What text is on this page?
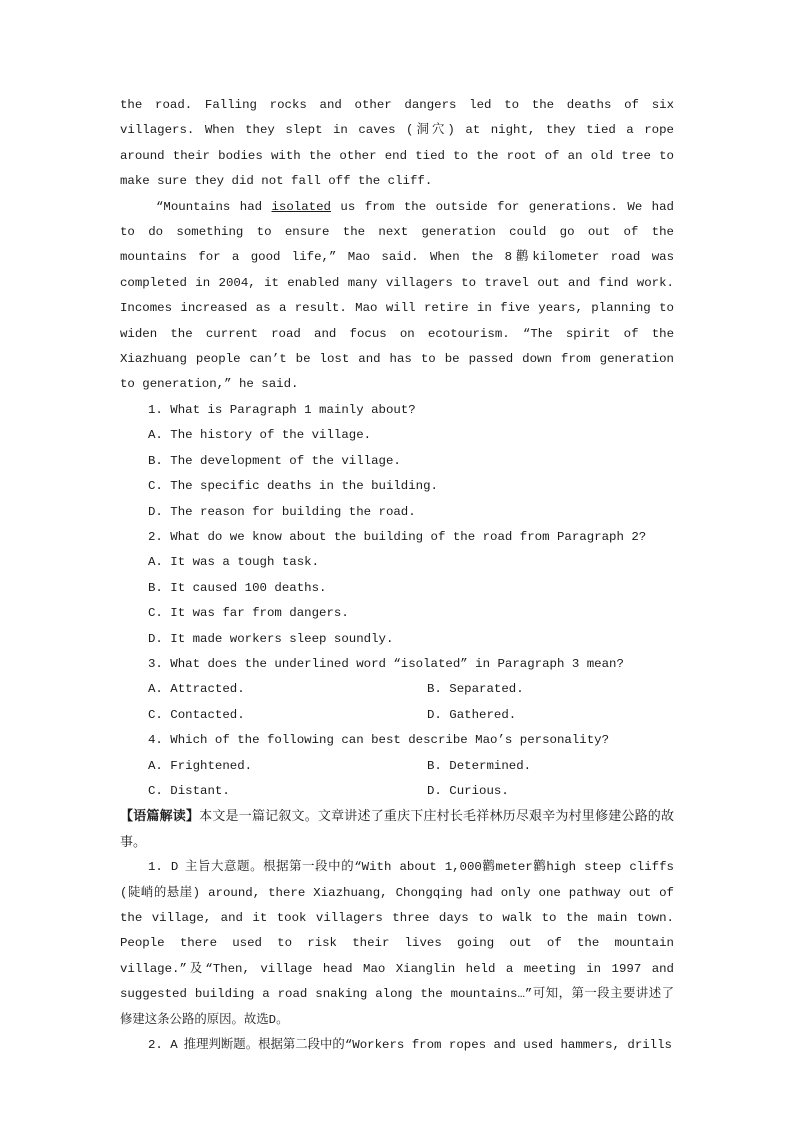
the road. Falling rocks and other dangers led to the deaths of six villagers. When they slept in caves (洞穴) at night, they tied a rope around their bodies with the other end tied to the root of an old tree to make sure they did not fall off the cliff.

“Mountains had isolated us from the outside for generations. We had to do something to ensure the next generation could go out of the mountains for a good life,” Mao said. When the 8鹳kilometer road was completed in 2004, it enabled many villagers to travel out and find work. Incomes increased as a result. Mao will retire in five years, planning to widen the current road and focus on ecotourism. “The spirit of the Xiazhuang people can’t be lost and has to be passed down from generation to generation,” he said.

1. What is Paragraph 1 mainly about?

A. The history of the village.

B. The development of the village.

C. The specific deaths in the building.

D. The reason for building the road.

2. What do we know about the building of the road from Paragraph 2?

A. It was a tough task.

B. It caused 100 deaths.

C. It was far from dangers.

D. It made workers sleep soundly.

3. What does the underlined word “isolated” in Paragraph 3 mean?

A. Attracted.	B. Separated.
C. Contacted.	D. Gathered.

4. Which of the following can best describe Mao’s personality?

A. Frightened.	B. Determined.
C. Distant.	D. Curious.

【语篇解读】本文是一篇记叙文。文章讲述了重庆下庄村长毛祥林历尽艰辛为村里修建公路的故事。

1. D 主旨大意题。根据第一段中的“With about 1,000鹳meter鹳high steep cliffs (陡峭的悬崖) around, there Xiazhuang, Chongqing had only one pathway out of the village, and it took villagers three days to walk to the main town. People there used to risk their lives going out of the mountain village.”及“Then, village head Mao Xianglin held a meeting in 1997 and suggested building a road snaking along the mountains…”可知，第一段主要讲述了修建这条公路的原因。故选D。

2. A 推理判断题。根据第二段中的“Workers from ropes and used hammers, drills
